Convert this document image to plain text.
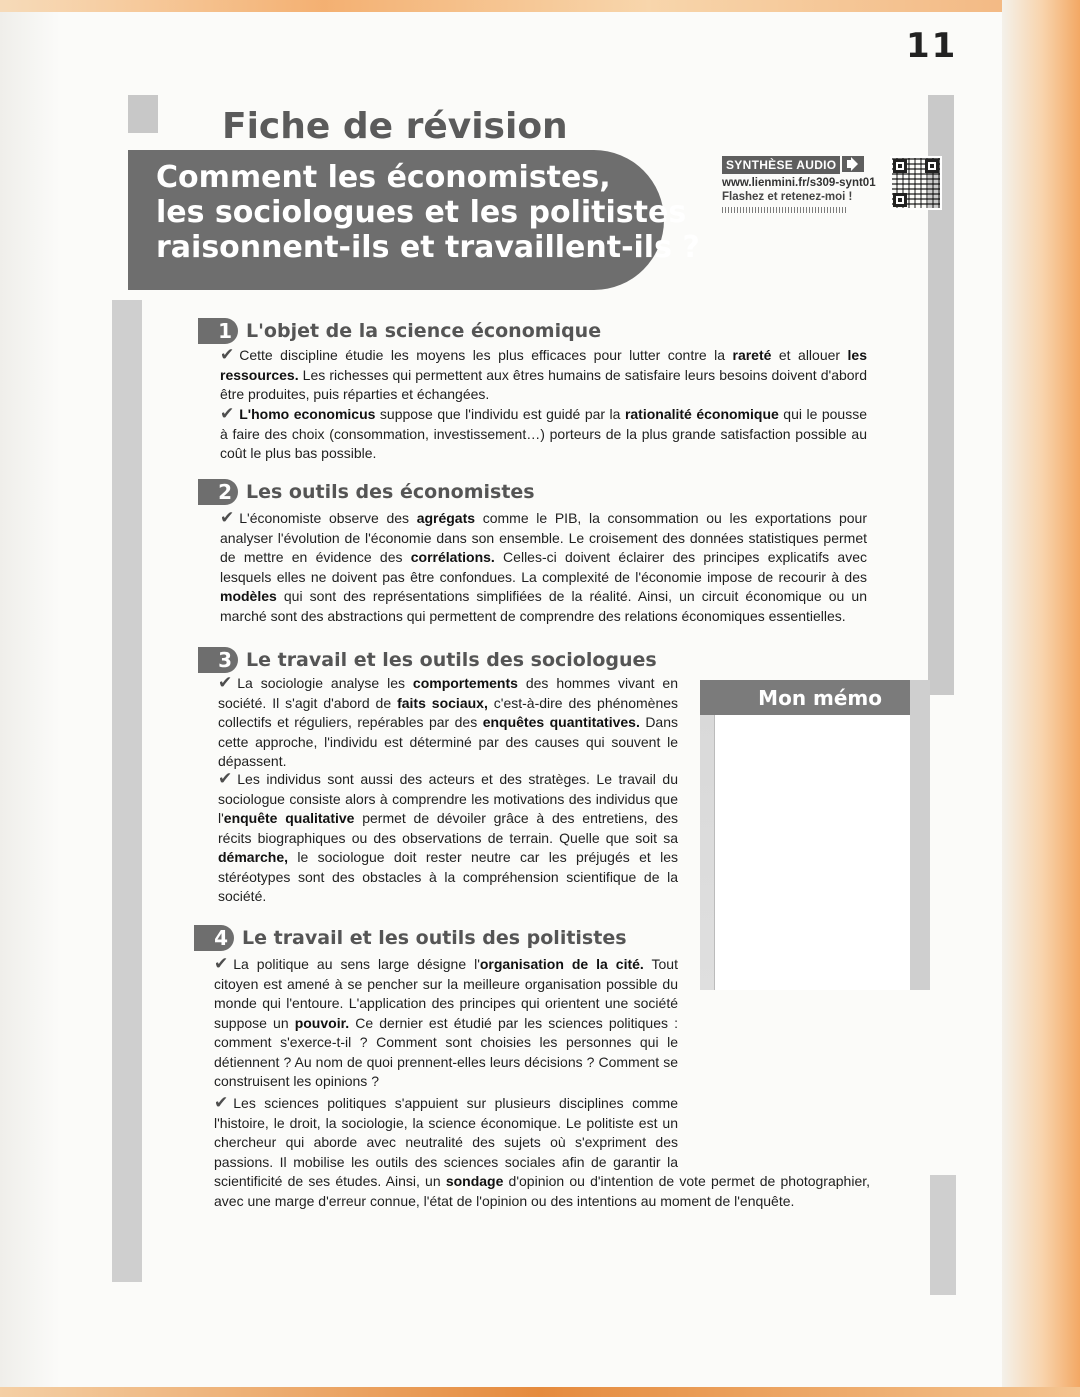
11
Fiche de révision
Comment les économistes,
les sociologues et les politistes
raisonnent-ils et travaillent-ils ?
SYNTHÈSE AUDIO
www.lienmini.fr/s309-synt01
Flashez et retenez-moi !
1 L'objet de la science économique

✔ Cette discipline étudie les moyens les plus efficaces pour lutter contre la rareté et allouer les ressources. Les richesses qui permettent aux êtres humains de satisfaire leurs besoins doivent d'abord être produites, puis réparties et échangées.

✔ L'homo economicus suppose que l'individu est guidé par la rationalité économique qui le pousse à faire des choix (consommation, investissement…) porteurs de la plus grande satisfaction possible au coût le plus bas possible.

2 Les outils des économistes

✔ L'économiste observe des agrégats comme le PIB, la consommation ou les exportations pour analyser l'évolution de l'économie dans son ensemble. Le croisement des données statistiques permet de mettre en évidence des corrélations. Celles-ci doivent éclairer des principes explicatifs avec lesquels elles ne doivent pas être confondues. La complexité de l'économie impose de recourir à des modèles qui sont des représentations simplifiées de la réalité. Ainsi, un circuit économique ou un marché sont des abstractions qui permettent de comprendre des relations économiques essentielles.

3 Le travail et les outils des sociologues

✔ La sociologie analyse les comportements des hommes vivant en société. Il s'agit d'abord de faits sociaux, c'est-à-dire des phénomènes collectifs et réguliers, repérables par des enquêtes quantitatives. Dans cette approche, l'individu est déterminé par des causes qui souvent le dépassent.

✔ Les individus sont aussi des acteurs et des stratèges. Le travail du sociologue consiste alors à comprendre les motivations des individus que l'enquête qualitative permet de dévoiler grâce à des entretiens, des récits biographiques ou des observations de terrain. Quelle que soit sa démarche, le sociologue doit rester neutre car les préjugés et les stéréotypes sont des obstacles à la compréhension scientifique de la société.

Mon mémo
4 Le travail et les outils des politistes

✔ La politique au sens large désigne l'organisation de la cité. Tout citoyen est amené à se pencher sur la meilleure organisation possible du monde qui l'entoure. L'application des principes qui orientent une société suppose un pouvoir. Ce dernier est étudié par les sciences politiques : comment s'exerce-t-il ? Comment sont choisies les personnes qui le détiennent ? Au nom de quoi prennent-elles leurs décisions ? Comment se construisent les opinions ?

✔ Les sciences politiques s'appuient sur plusieurs disciplines comme l'histoire, le droit, la sociologie, la science économique. Le politiste est un chercheur qui aborde avec neutralité des sujets où s'expriment des passions. Il mobilise les outils des sciences sociales afin de garantir la scientificité de ses études. Ainsi, un sondage d'opinion ou d'intention de vote permet de photographier, avec une marge d'erreur connue, l'état de l'opinion ou des intentions au moment de l'enquête.
